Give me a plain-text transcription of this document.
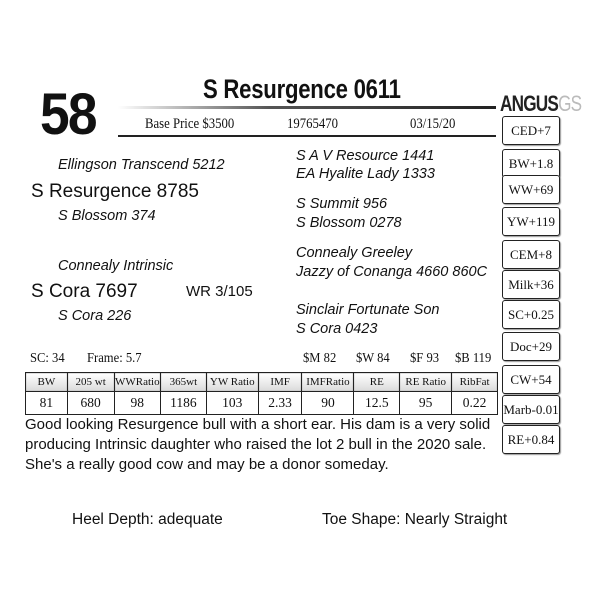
58	S Resurgence 0611
Base Price $3500	19765470	03/15/20
ANGUSGS
Ellingson Transcend 5212
S Resurgence 8785
S Blossom 374
Connealy Intrinsic
S Cora 7697	WR 3/105
S Cora 226
S A V Resource 1441
EA Hyalite Lady 1333
S Summit 956
S Blossom 0278
Connealy Greeley
Jazzy of Conanga 4660 860C
Sinclair Fortunate Son
S Cora 0423
CED+7
BW+1.8
WW+69
YW+119
CEM+8
Milk+36
SC+0.25
Doc+29
CW+54
Marb-0.01
RE+0.84
SC: 34 Frame: 5.7	$M 82 $W 84 $F 93 $B 119
BW	205 wt	WWRatio	365wt	YW Ratio	IMF	IMFRatio	RE	RE Ratio	RibFat
81	680	98	1186	103	2.33	90	12.5	95	0.22
Good looking Resurgence bull with a short ear. His dam is a very solid producing Intrinsic daughter who raised the lot 2 bull in the 2020 sale. She's a really good cow and may be a donor someday.
Heel Depth: adequate	Toe Shape: Nearly Straight
